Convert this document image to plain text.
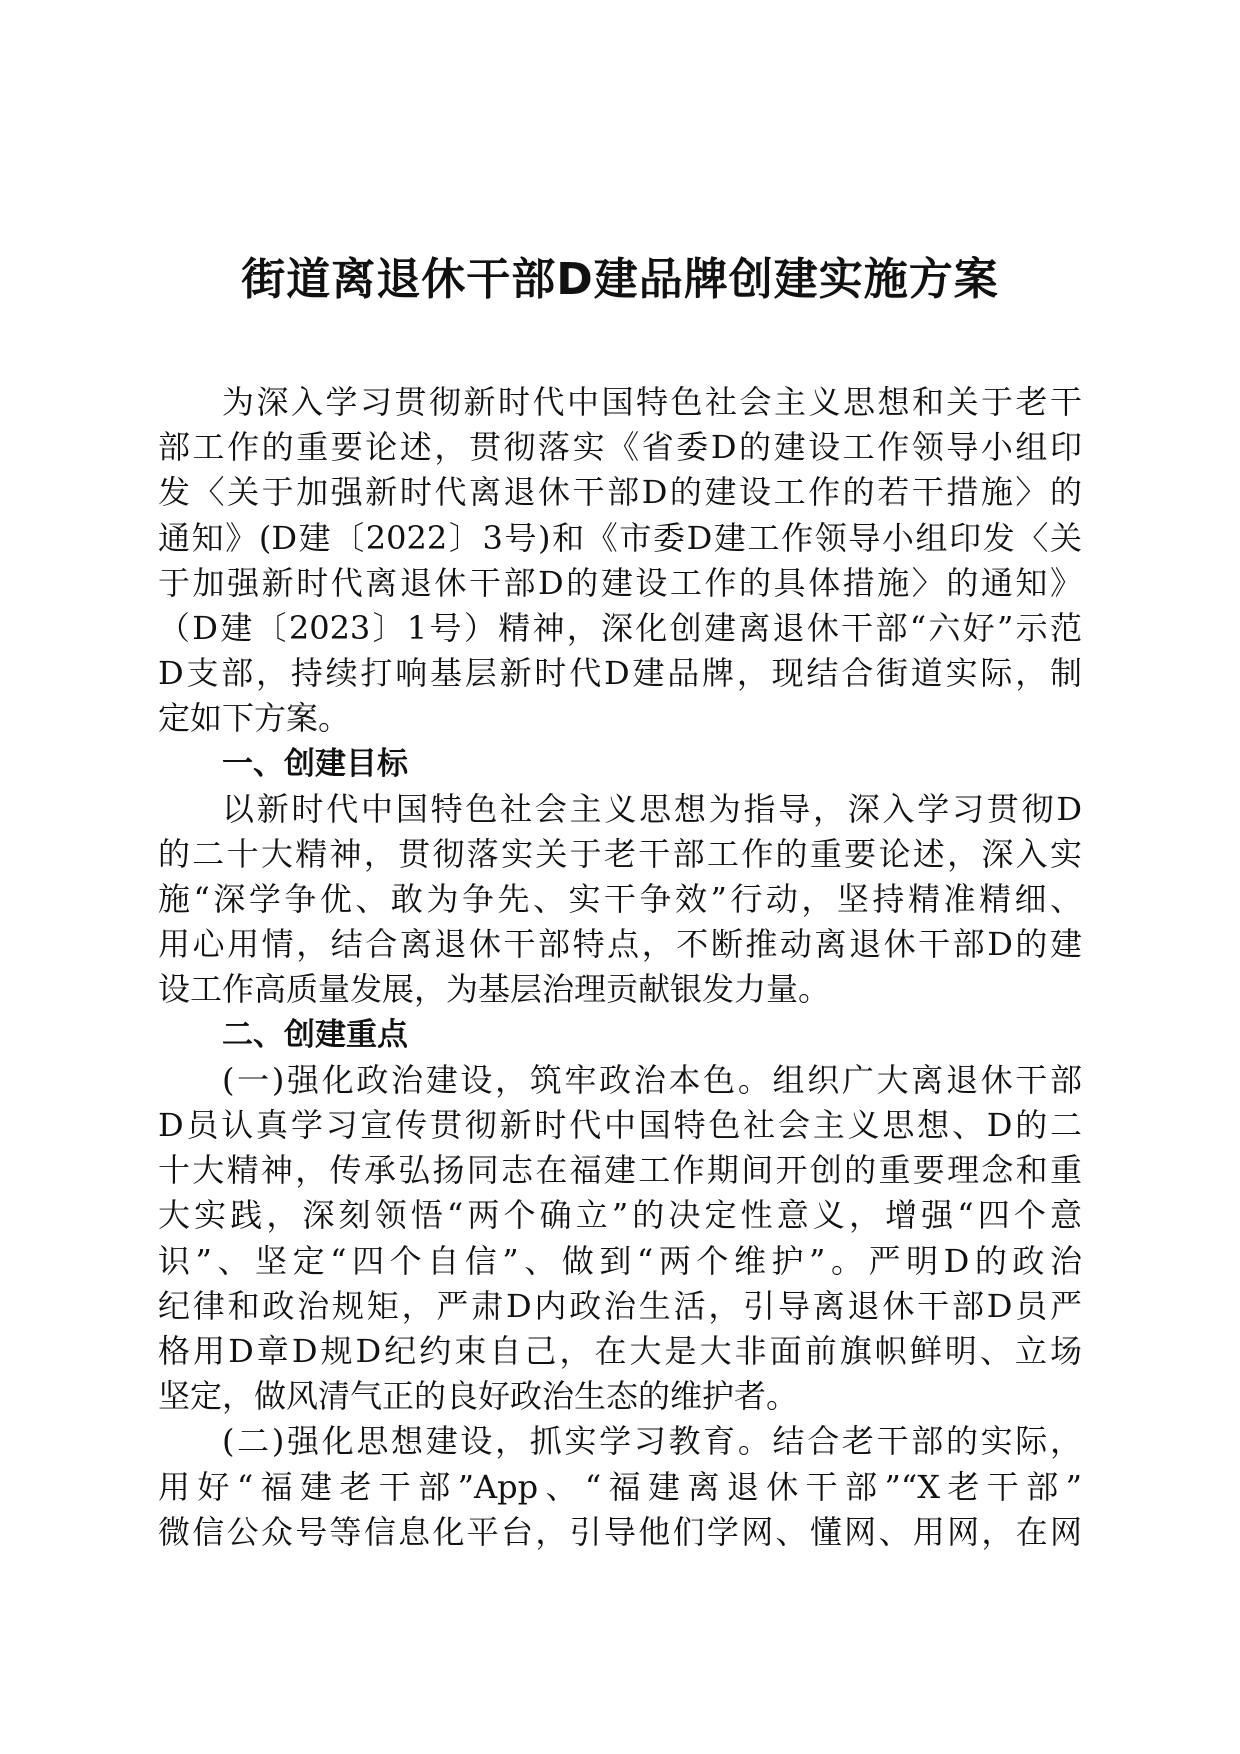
街道离退休干部D建品牌创建实施方案
为深入学习贯彻新时代中国特色社会主义思想和关于老干
部工作的重要论述，贯彻落实《省委D的建设工作领导小组印
发〈关于加强新时代离退休干部D的建设工作的若干措施〉的
通知》(D建〔2022〕3号)和《市委D建工作领导小组印发〈关
于加强新时代离退休干部D的建设工作的具体措施〉的通知》
（D建〔2023〕1号）精神，深化创建离退休干部“六好”示范
D支部，持续打响基层新时代D建品牌，现结合街道实际，制
定如下方案。
一、创建目标
以新时代中国特色社会主义思想为指导，深入学习贯彻D
的二十大精神，贯彻落实关于老干部工作的重要论述，深入实
施“深学争优、敢为争先、实干争效”行动，坚持精准精细、
用心用情，结合离退休干部特点，不断推动离退休干部D的建
设工作高质量发展，为基层治理贡献银发力量。
二、创建重点
(一)强化政治建设，筑牢政治本色。组织广大离退休干部
D员认真学习宣传贯彻新时代中国特色社会主义思想、D的二
十大精神，传承弘扬同志在福建工作期间开创的重要理念和重
大实践，深刻领悟“两个确立”的决定性意义，增强“四个意
识”、坚定“四个自信”、做到“两个维护”。严明D的政治
纪律和政治规矩，严肃D内政治生活，引导离退休干部D员严
格用D章D规D纪约束自己，在大是大非面前旗帜鲜明、立场
坚定，做风清气正的良好政治生态的维护者。
(二)强化思想建设，抓实学习教育。结合老干部的实际，
用好“福建老干部”App、“福建离退休干部”“X老干部”
微信公众号等信息化平台，引导他们学网、懂网、用网，在网
